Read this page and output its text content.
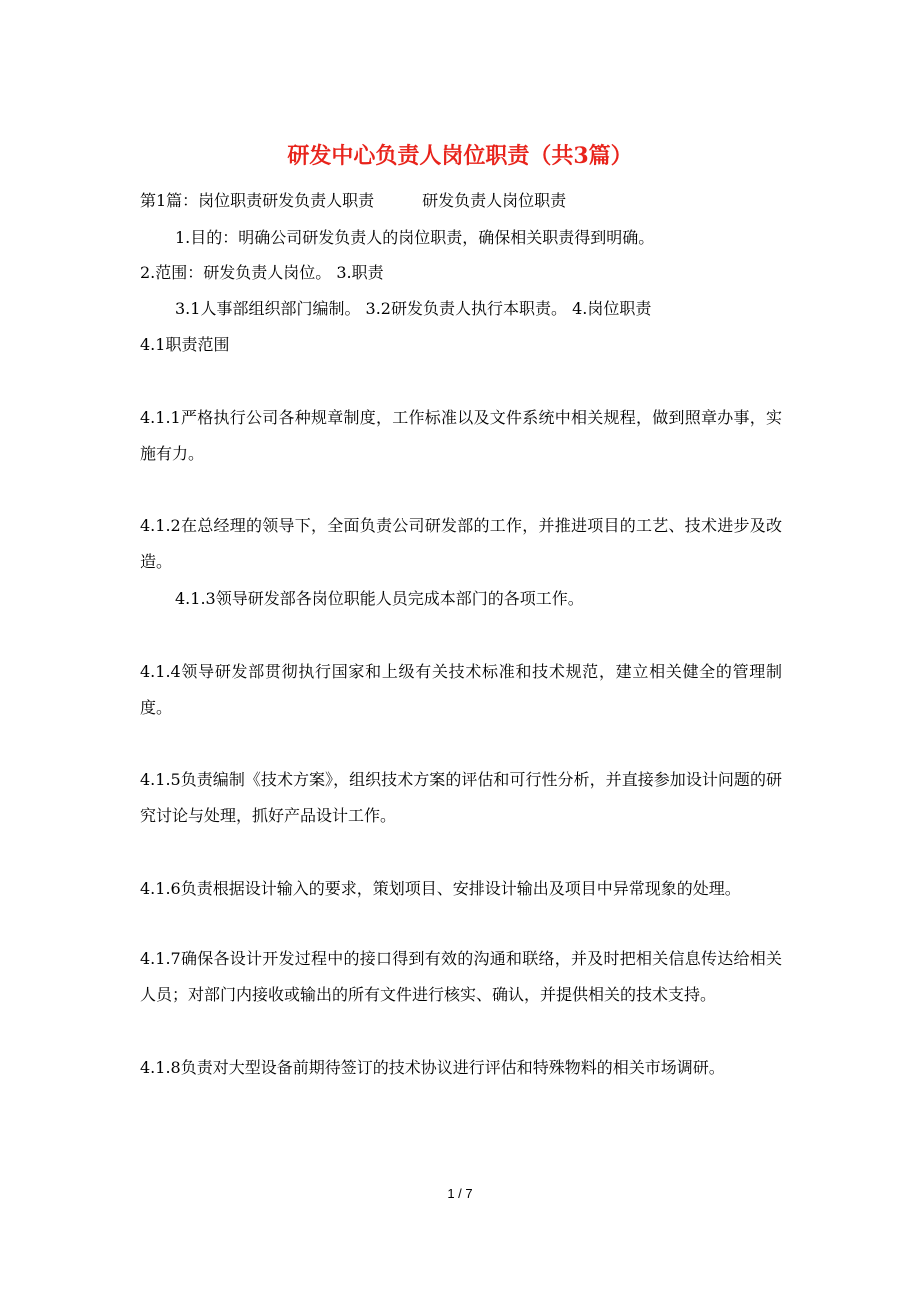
研发中心负责人岗位职责（共3篇）

第1篇：岗位职责研发负责人职责　　　研发负责人岗位职责

1.目的：明确公司研发负责人的岗位职责，确保相关职责得到明确。

2.范围：研发负责人岗位。 3.职责

3.1人事部组织部门编制。 3.2研发负责人执行本职责。 4.岗位职责

4.1职责范围

4.1.1严格执行公司各种规章制度，工作标准以及文件系统中相关规程，做到照章办事，实施有力。

4.1.2在总经理的领导下，全面负责公司研发部的工作，并推进项目的工艺、技术进步及改造。

4.1.3领导研发部各岗位职能人员完成本部门的各项工作。

4.1.4领导研发部贯彻执行国家和上级有关技术标准和技术规范，建立相关健全的管理制度。

4.1.5负责编制《技术方案》，组织技术方案的评估和可行性分析，并直接参加设计问题的研究讨论与处理，抓好产品设计工作。

4.1.6负责根据设计输入的要求，策划项目、安排设计输出及项目中异常现象的处理。

4.1.7确保各设计开发过程中的接口得到有效的沟通和联络，并及时把相关信息传达给相关人员；对部门内接收或输出的所有文件进行核实、确认，并提供相关的技术支持。

4.1.8负责对大型设备前期待签订的技术协议进行评估和特殊物料的相关市场调研。

1 / 7
